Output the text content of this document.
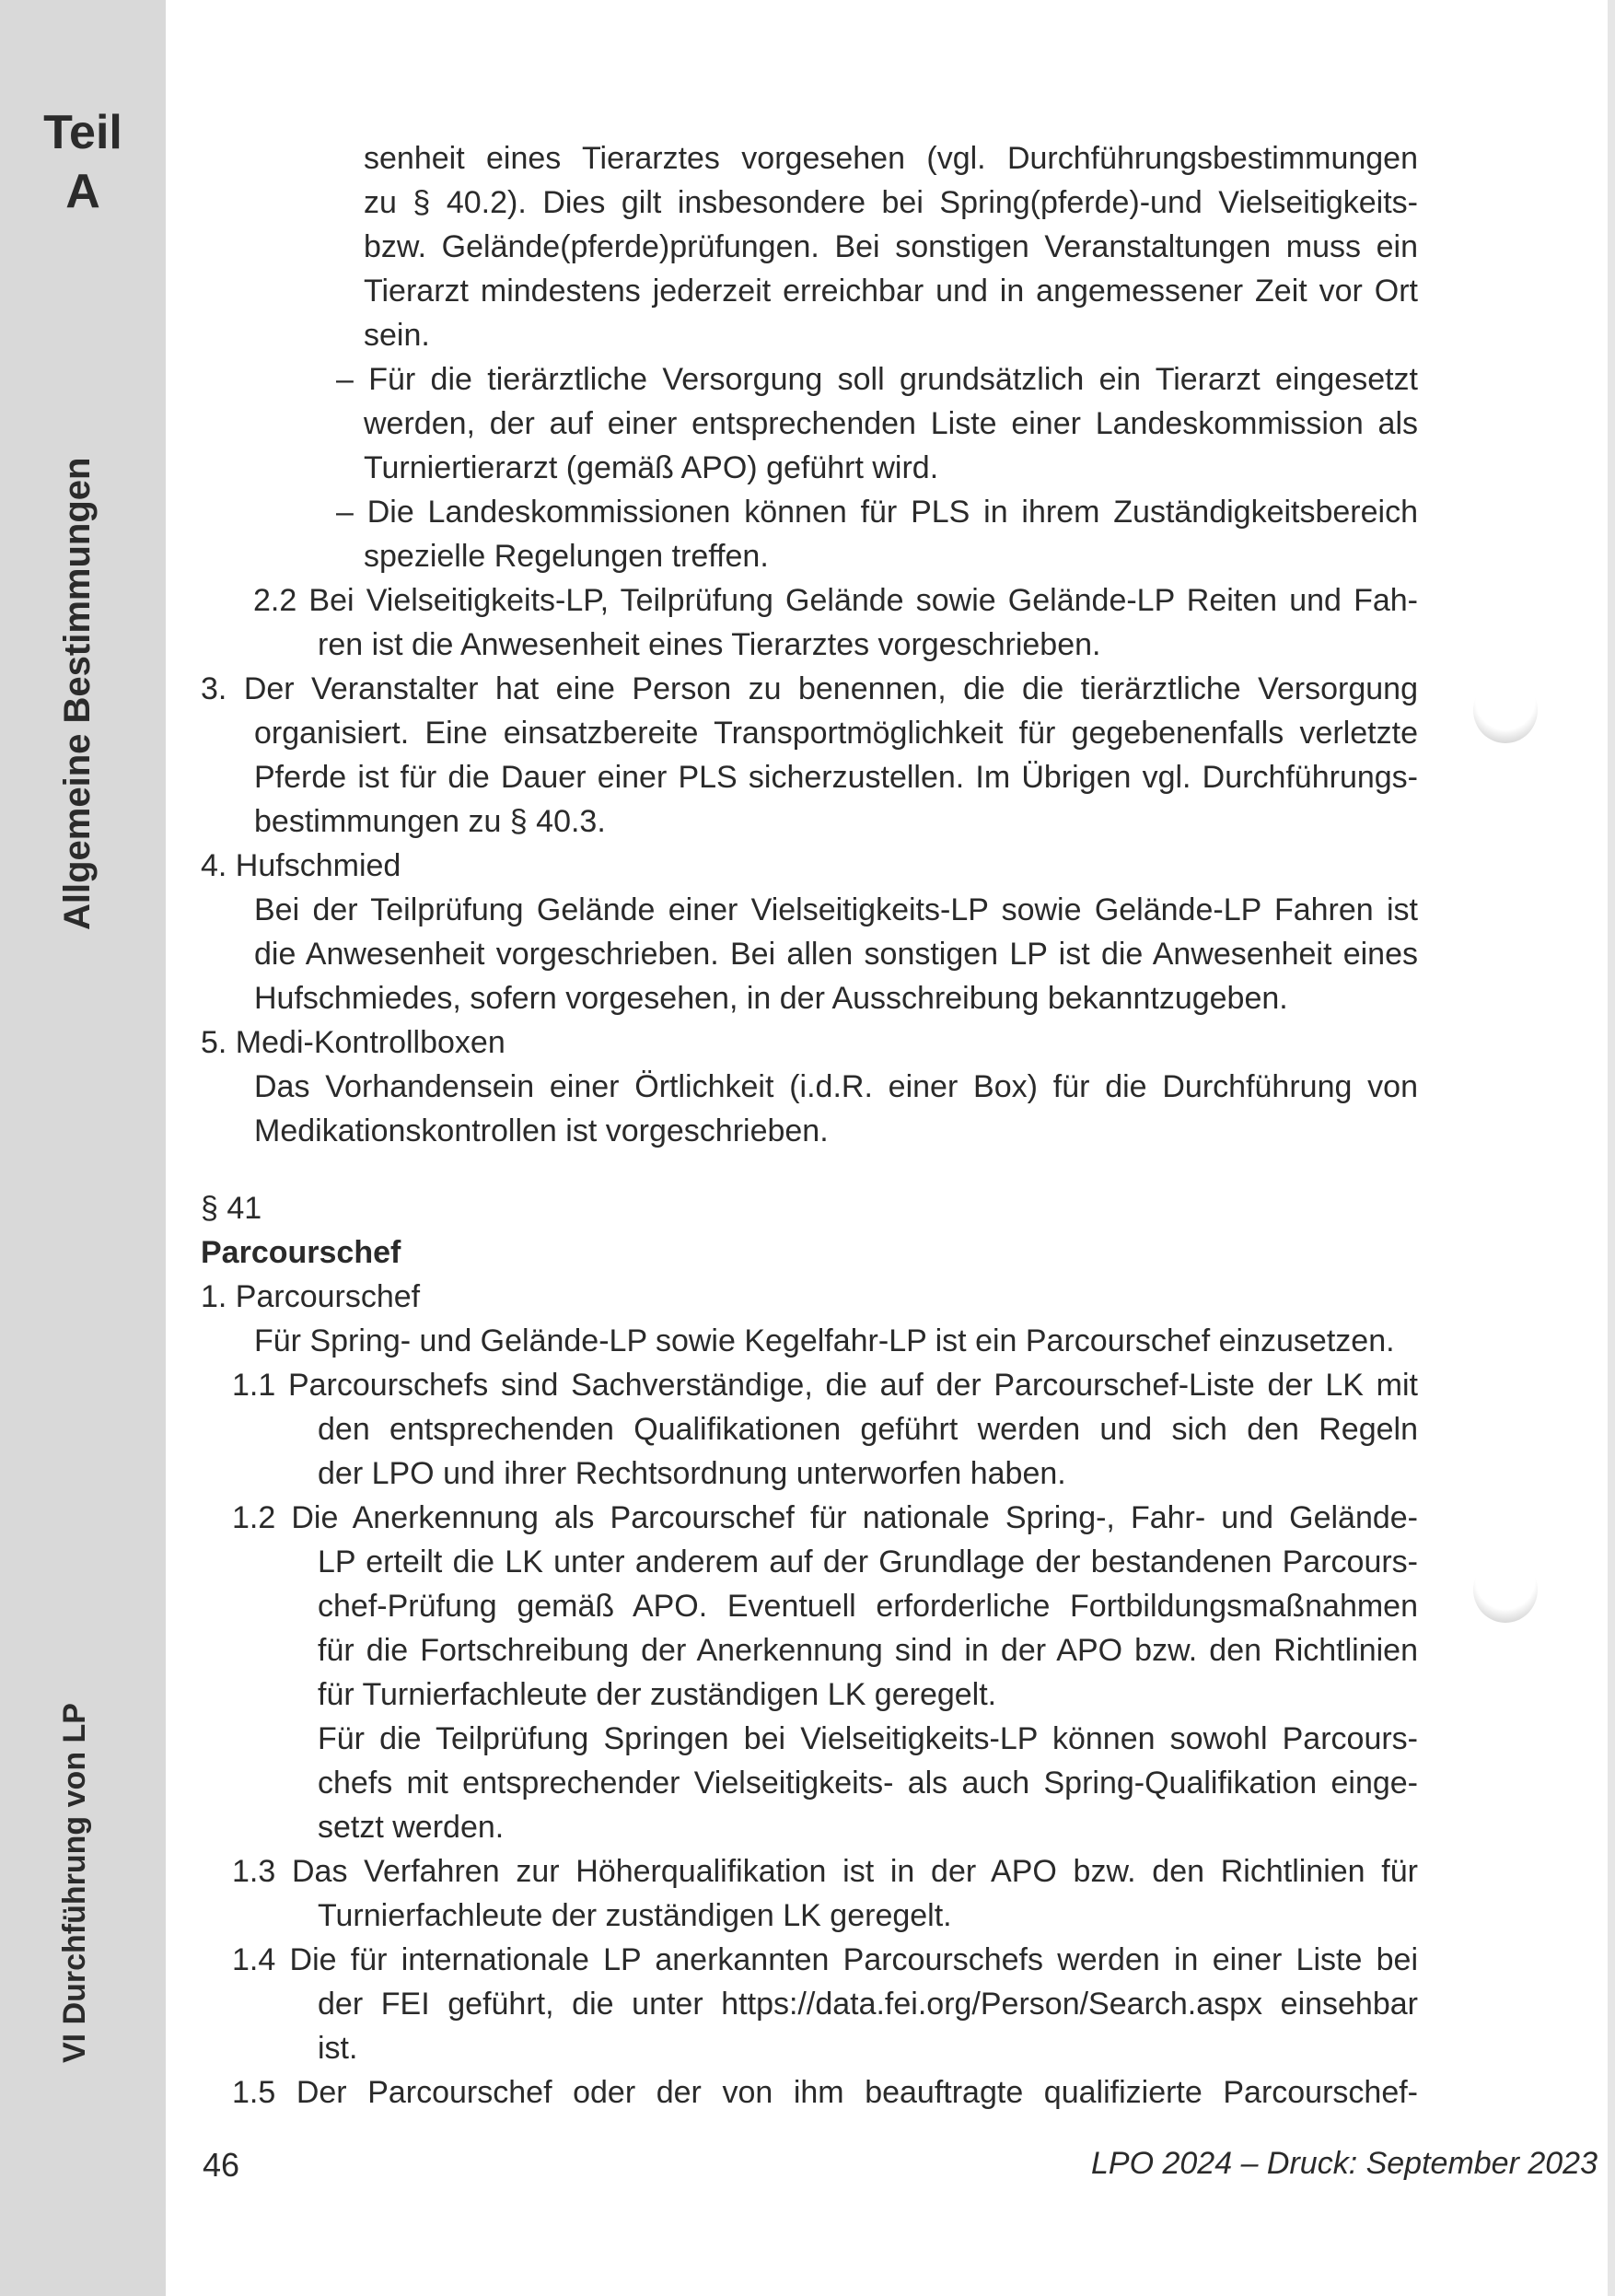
Teil
A
Allgemeine Bestimmungen
VI Durchführung von LP
senheit eines Tierarztes vorgesehen (vgl. Durchführungsbestimmungen
zu § 40.2). Dies gilt insbesondere bei Spring(pferde)-und Vielseitigkeits-
bzw. Gelände(pferde)prüfungen. Bei sonstigen Veranstaltungen muss ein
Tierarzt mindestens jederzeit erreichbar und in angemessener Zeit vor Ort
sein.
– Für die tierärztliche Versorgung soll grundsätzlich ein Tierarzt eingesetzt
werden, der auf einer entsprechenden Liste einer Landeskommission als
Turniertierarzt (gemäß APO) geführt wird.
– Die Landeskommissionen können für PLS in ihrem Zuständigkeitsbereich
spezielle Regelungen treffen.
2.2 Bei Vielseitigkeits-LP, Teilprüfung Gelände sowie Gelände-LP Reiten und Fah-
ren ist die Anwesenheit eines Tierarztes vorgeschrieben.
3. Der Veranstalter hat eine Person zu benennen, die die tierärztliche Versorgung
organisiert. Eine einsatzbereite Transportmöglichkeit für gegebenenfalls verletzte
Pferde ist für die Dauer einer PLS sicherzustellen. Im Übrigen vgl. Durchführungs-
bestimmungen zu § 40.3.
4. Hufschmied
Bei der Teilprüfung Gelände einer Vielseitigkeits-LP sowie Gelände-LP Fahren ist
die Anwesenheit vorgeschrieben. Bei allen sonstigen LP ist die Anwesenheit eines
Hufschmiedes, sofern vorgesehen, in der Ausschreibung bekanntzugeben.
5. Medi-Kontrollboxen
Das Vorhandensein einer Örtlichkeit (i.d.R. einer Box) für die Durchführung von
Medikationskontrollen ist vorgeschrieben.
§ 41
Parcourschef
1. Parcourschef
Für Spring- und Gelände-LP sowie Kegelfahr-LP ist ein Parcourschef einzusetzen.
1.1 Parcourschefs sind Sachverständige, die auf der Parcourschef-Liste der LK mit
den entsprechenden Qualifikationen geführt werden und sich den Regeln
der LPO und ihrer Rechtsordnung unterworfen haben.
1.2 Die Anerkennung als Parcourschef für nationale Spring-, Fahr- und Gelände-
LP erteilt die LK unter anderem auf der Grundlage der bestandenen Parcours-
chef-Prüfung gemäß APO. Eventuell erforderliche Fortbildungsmaßnahmen
für die Fortschreibung der Anerkennung sind in der APO bzw. den Richtlinien
für Turnierfachleute der zuständigen LK geregelt.
Für die Teilprüfung Springen bei Vielseitigkeits-LP können sowohl Parcours-
chefs mit entsprechender Vielseitigkeits- als auch Spring-Qualifikation einge-
setzt werden.
1.3 Das Verfahren zur Höherqualifikation ist in der APO bzw. den Richtlinien für
Turnierfachleute der zuständigen LK geregelt.
1.4 Die für internationale LP anerkannten Parcourschefs werden in einer Liste bei
der FEI geführt, die unter https://data.fei.org/Person/Search.aspx einsehbar
ist.
1.5 Der Parcourschef oder der von ihm beauftragte qualifizierte Parcourschef-
46	LPO 2024 – Druck: September 2023
